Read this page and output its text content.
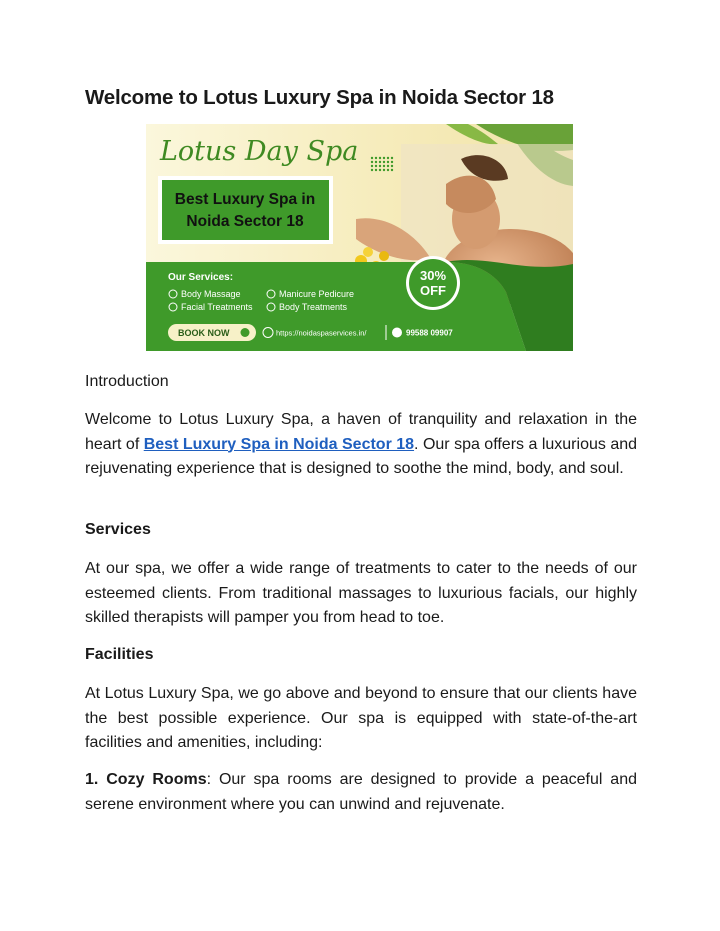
Welcome to Lotus Luxury Spa in Noida Sector 18
Lotus Day Spa
Best Luxury Spa in
Noida Sector 18
Our Services:
Body Massage	Manicure Pedicure
Facial Treatments	Body Treatments
30%
OFF
BOOK NOW	https://noidaspaservices.in/	99588 09907

Introduction

Welcome to Lotus Luxury Spa, a haven of tranquility and relaxation in the heart of Best Luxury Spa in Noida Sector 18. Our spa offers a luxurious and rejuvenating experience that is designed to soothe the mind, body, and soul.

Services

At our spa, we offer a wide range of treatments to cater to the needs of our esteemed clients. From traditional massages to luxurious facials, our highly skilled therapists will pamper you from head to toe.

Facilities

At Lotus Luxury Spa, we go above and beyond to ensure that our clients have the best possible experience. Our spa is equipped with state-of-the-art facilities and amenities, including:

1. Cozy Rooms: Our spa rooms are designed to provide a peaceful and serene environment where you can unwind and rejuvenate.
